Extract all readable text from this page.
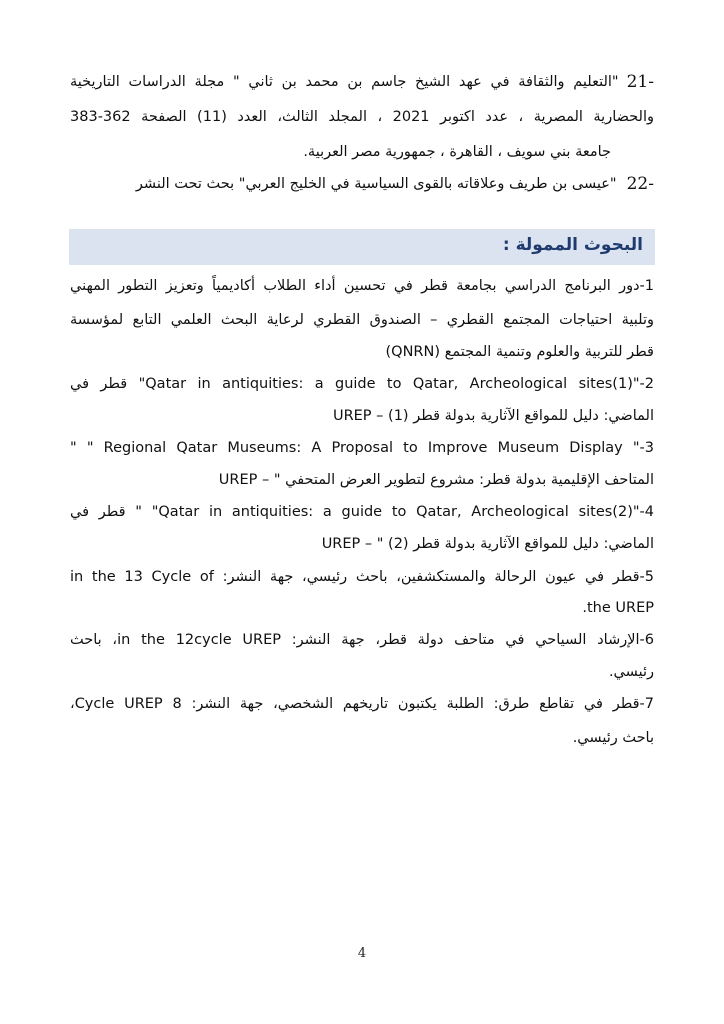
21-
"التعليم والثقافة في عهد الشيخ جاسم بن محمد بن ثاني " مجلة الدراسات التاريخية
والحضارية المصرية ، عدد اكتوبر 2021 ، المجلد الثالث، العدد (11) الصفحة 362-383
جامعة بني سويف ، القاهرة ، جمهورية مصر العربية.
22-
"عيسى بن طريف وعلاقاته بالقوى السياسية في الخليج العربي" بحث تحت النشر
البحوث الممولة :
1-دور البرنامج الدراسي بجامعة قطر في تحسين أداء الطلاب أكاديمياً وتعزيز التطور المهني
وتلبية احتياجات المجتمع القطري – الصندوق القطري لرعاية البحث العلمي التابع لمؤسسة
قطر للتربية والعلوم وتنمية المجتمع (QNRN)
2-"Qatar in antiquities: a guide to Qatar, Archeological sites(1)" قطر في
الماضي: دليل للمواقع الآثارية بدولة قطر (1) – UREP
3-" Regional Qatar Museums: A Proposal to Improve Museum Display " "
المتاحف الإقليمية بدولة قطر: مشروع لتطوير العرض المتحفي " – UREP
4-"Qatar in antiquities: a guide to Qatar, Archeological sites(2)" " قطر في
الماضي: دليل للمواقع الآثارية بدولة قطر (2) " – UREP
5-قطر في عيون الرحالة والمستكشفين، باحث رئيسي، جهة النشر: in the 13 Cycle of
the UREP.
6-الإرشاد السياحي في متاحف دولة قطر، جهة النشر: in the 12cycle UREP، باحث
رئيسي.
7-قطر في تقاطع طرق: الطلبة يكتبون تاريخهم الشخصي، جهة النشر: 8 Cycle UREP،
باحث رئيسي.
4
